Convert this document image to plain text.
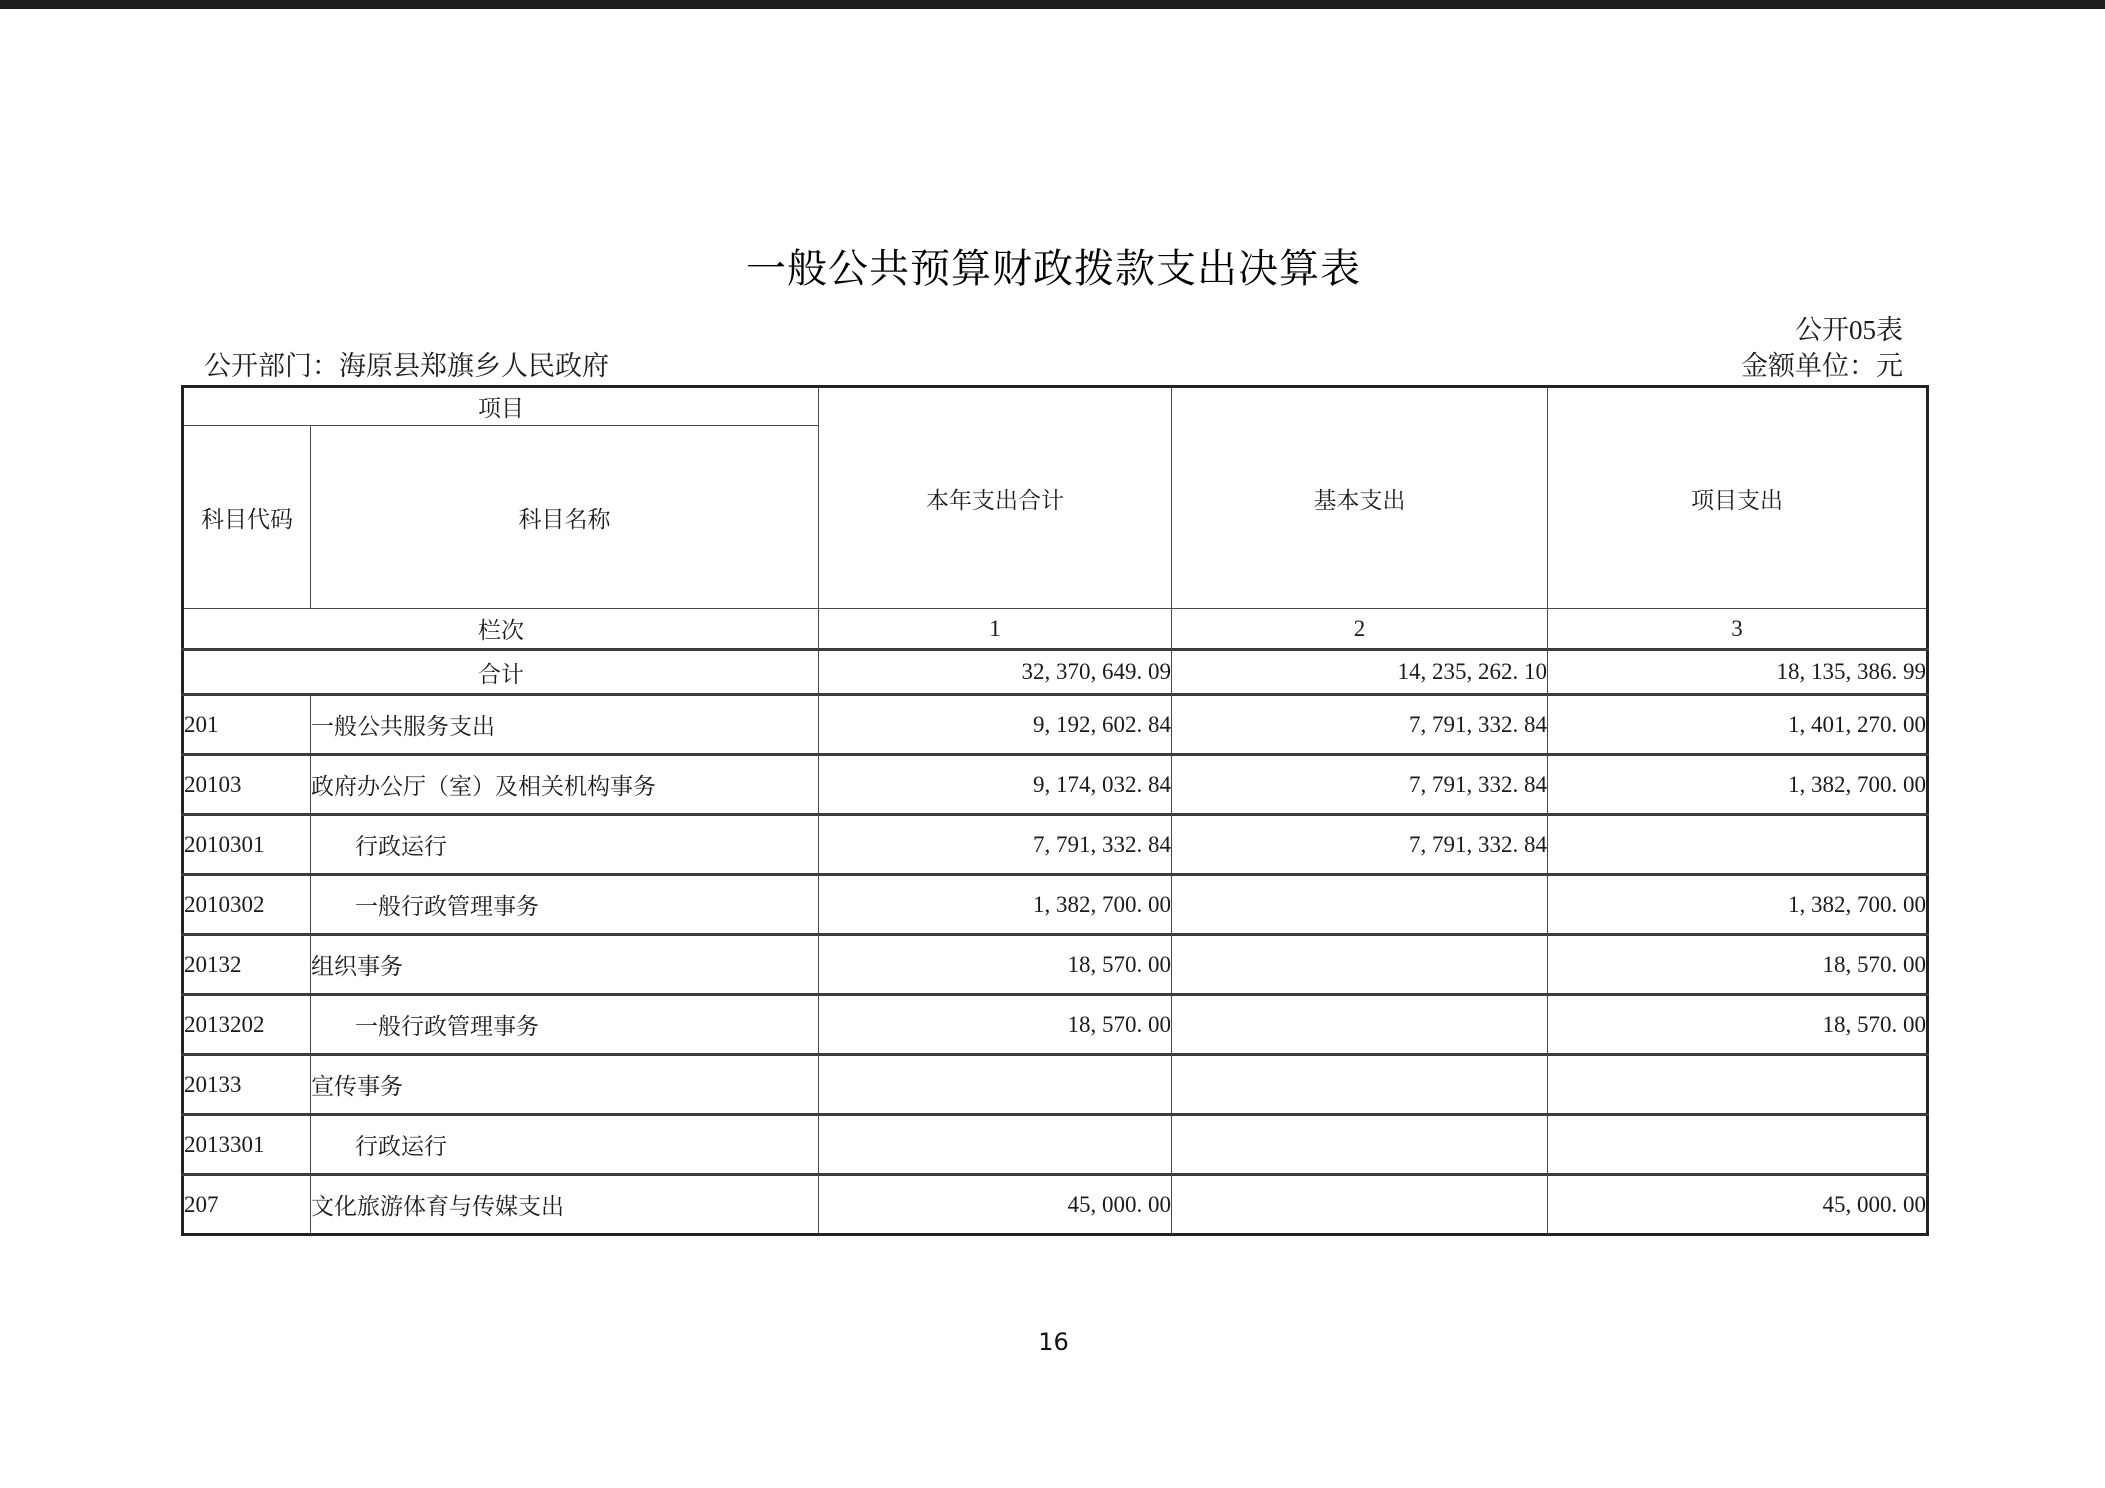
一般公共预算财政拨款支出决算表
公开05表
公开部门：海原县郑旗乡人民政府	金额单位：元
项目		本年支出合计	基本支出	项目支出
科目代码	科目名称			
栏次		1	2	3
合计		32, 370, 649. 09	14, 235, 262. 10	18, 135, 386. 99
201	一般公共服务支出	9, 192, 602. 84	7, 791, 332. 84	1, 401, 270. 00
20103	政府办公厅（室）及相关机构事务	9, 174, 032. 84	7, 791, 332. 84	1, 382, 700. 00
2010301	行政运行	7, 791, 332. 84	7, 791, 332. 84	
2010302	一般行政管理事务	1, 382, 700. 00		1, 382, 700. 00
20132	组织事务	18, 570. 00		18, 570. 00
2013202	一般行政管理事务	18, 570. 00		18, 570. 00
20133	宣传事务			
2013301	行政运行			
207	文化旅游体育与传媒支出	45, 000. 00		45, 000. 00
16
